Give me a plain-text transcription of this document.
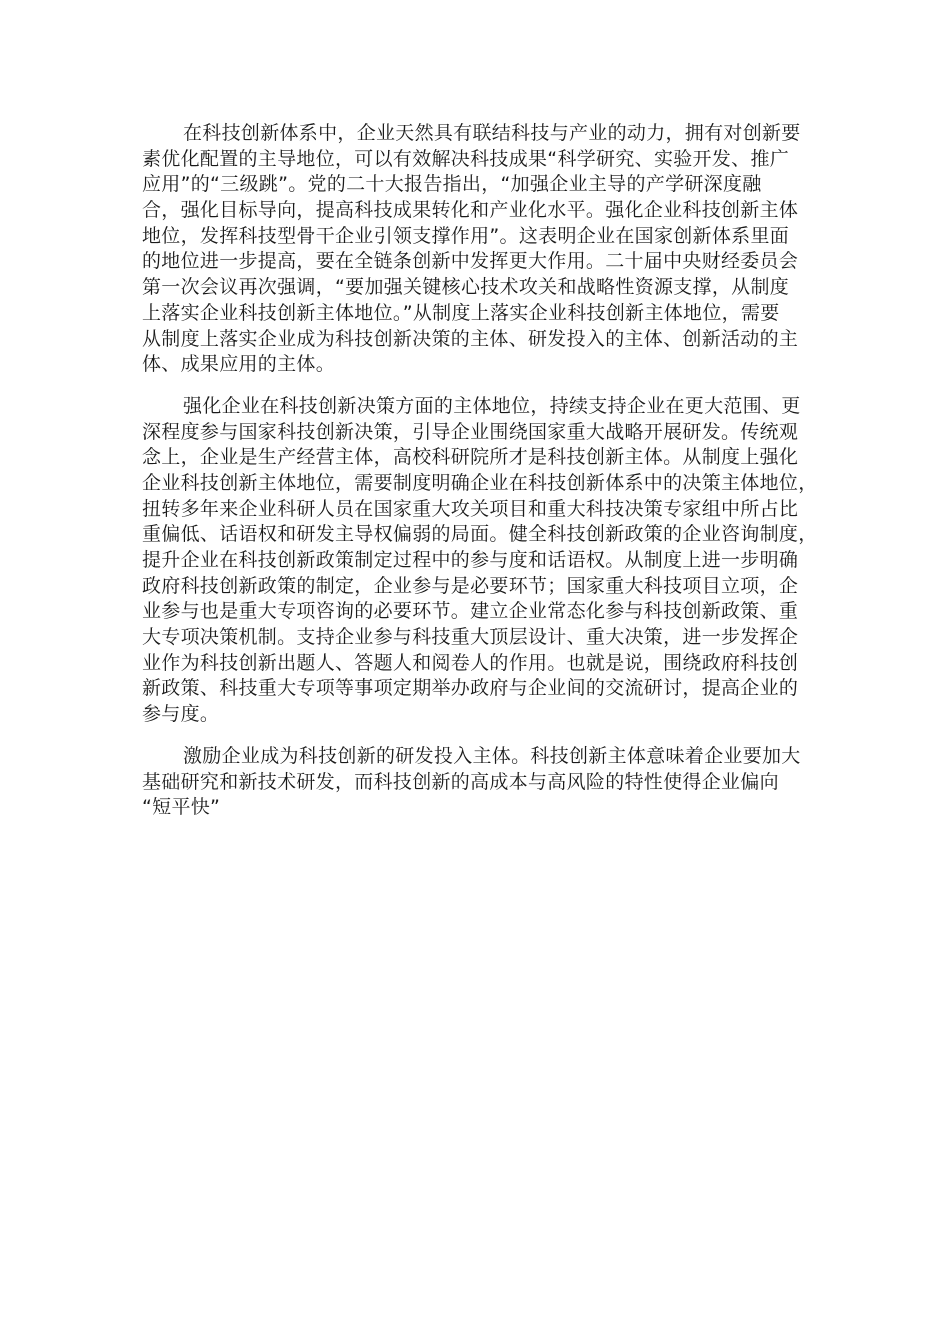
在科技创新体系中，企业天然具有联结科技与产业的动力，拥有对创新要
素优化配置的主导地位，可以有效解决科技成果“科学研究、实验开发、推广
应用”的“三级跳”。党的二十大报告指出，“加强企业主导的产学研深度融
合，强化目标导向，提高科技成果转化和产业化水平。强化企业科技创新主体
地位，发挥科技型骨干企业引领支撑作用”。这表明企业在国家创新体系里面
的地位进一步提高，要在全链条创新中发挥更大作用。二十届中央财经委员会
第一次会议再次强调，“要加强关键核心技术攻关和战略性资源支撑，从制度
上落实企业科技创新主体地位。”从制度上落实企业科技创新主体地位，需要
从制度上落实企业成为科技创新决策的主体、研发投入的主体、创新活动的主
体、成果应用的主体。
强化企业在科技创新决策方面的主体地位，持续支持企业在更大范围、更
深程度参与国家科技创新决策，引导企业围绕国家重大战略开展研发。传统观
念上，企业是生产经营主体，高校科研院所才是科技创新主体。从制度上强化
企业科技创新主体地位，需要制度明确企业在科技创新体系中的决策主体地位，
扭转多年来企业科研人员在国家重大攻关项目和重大科技决策专家组中所占比
重偏低、话语权和研发主导权偏弱的局面。健全科技创新政策的企业咨询制度，
提升企业在科技创新政策制定过程中的参与度和话语权。从制度上进一步明确
政府科技创新政策的制定，企业参与是必要环节；国家重大科技项目立项，企
业参与也是重大专项咨询的必要环节。建立企业常态化参与科技创新政策、重
大专项决策机制。支持企业参与科技重大顶层设计、重大决策，进一步发挥企
业作为科技创新出题人、答题人和阅卷人的作用。也就是说，围绕政府科技创
新政策、科技重大专项等事项定期举办政府与企业间的交流研讨，提高企业的
参与度。
激励企业成为科技创新的研发投入主体。科技创新主体意味着企业要加大
基础研究和新技术研发，而科技创新的高成本与高风险的特性使得企业偏向
“短平快”
